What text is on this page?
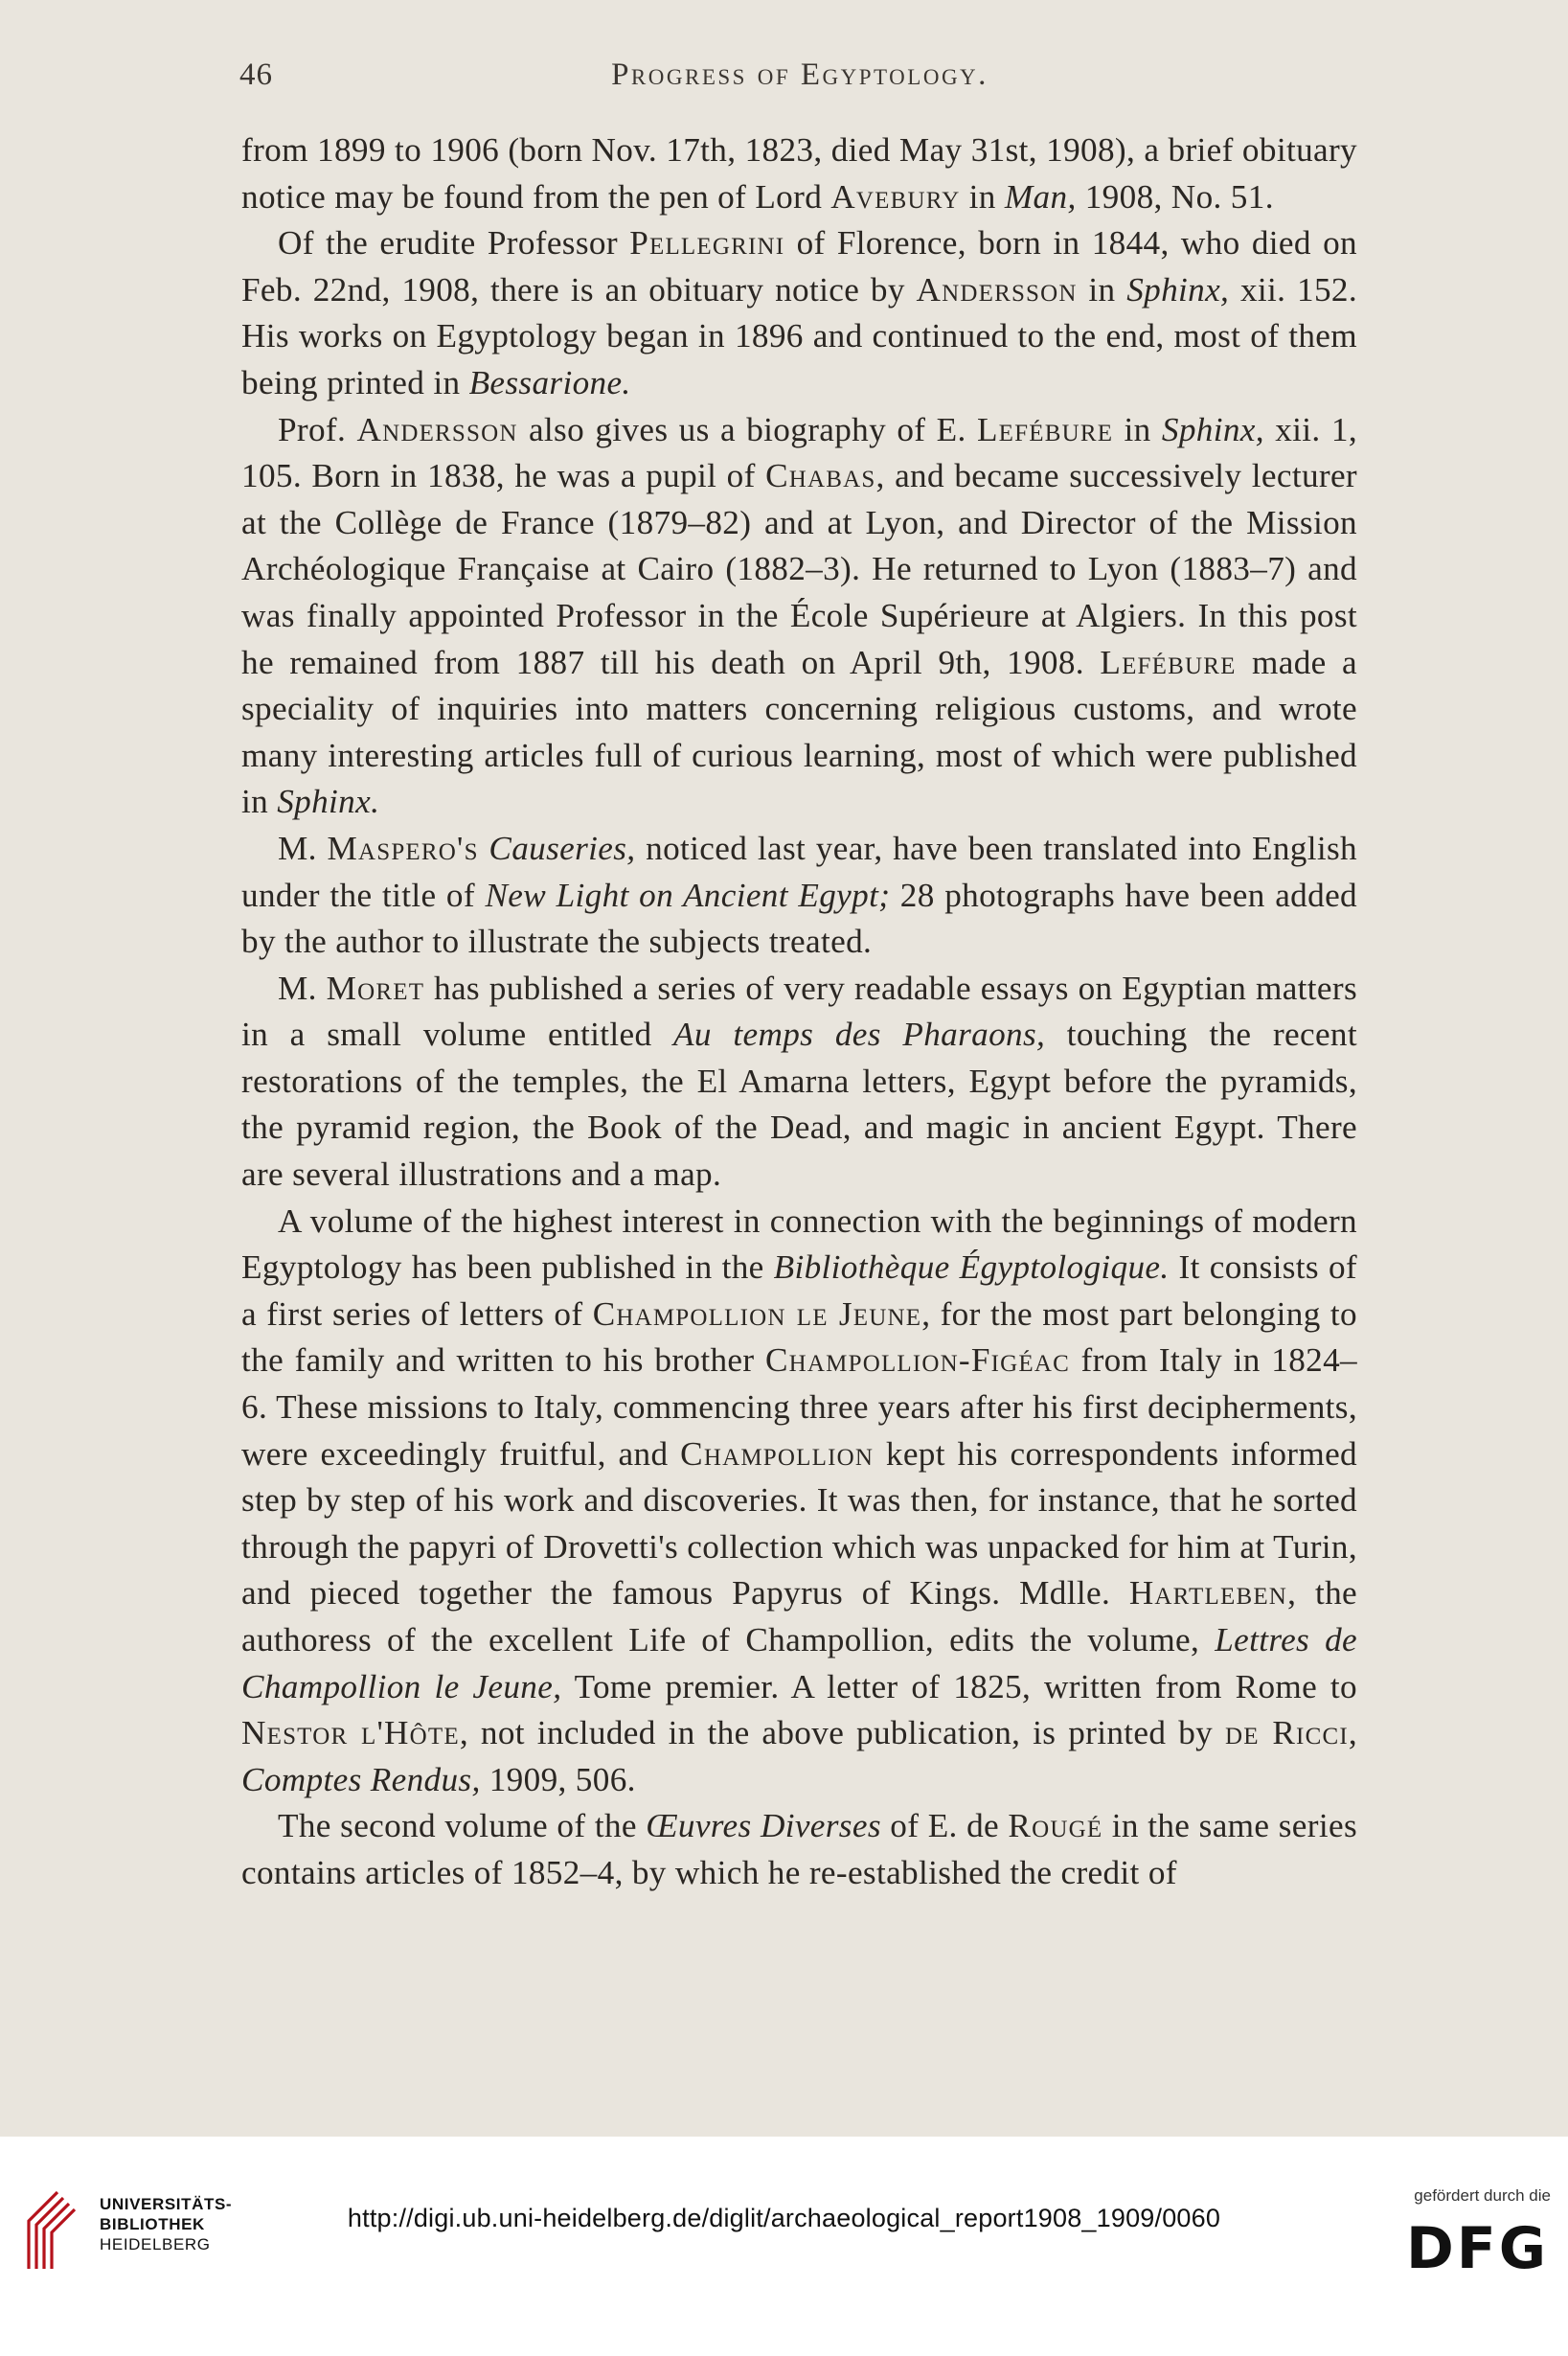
46	Progress of Egyptology.

from 1899 to 1906 (born Nov. 17th, 1823, died May 31st, 1908), a brief obituary notice may be found from the pen of Lord Avebury in Man, 1908, No. 51.

Of the erudite Professor Pellegrini of Florence, born in 1844, who died on Feb. 22nd, 1908, there is an obituary notice by Andersson in Sphinx, xii. 152. His works on Egyptology began in 1896 and continued to the end, most of them being printed in Bessarione.

Prof. Andersson also gives us a biography of E. Lefébure in Sphinx, xii. 1, 105. Born in 1838, he was a pupil of Chabas, and became successively lecturer at the Collège de France (1879–82) and at Lyon, and Director of the Mission Archéologique Française at Cairo (1882–3). He returned to Lyon (1883–7) and was finally appointed Professor in the École Supérieure at Algiers. In this post he remained from 1887 till his death on April 9th, 1908. Lefébure made a speciality of inquiries into matters concerning religious customs, and wrote many interesting articles full of curious learning, most of which were published in Sphinx.

M. Maspero's Causeries, noticed last year, have been translated into English under the title of New Light on Ancient Egypt; 28 photographs have been added by the author to illustrate the subjects treated.

M. Moret has published a series of very readable essays on Egyptian matters in a small volume entitled Au temps des Pharaons, touching the recent restorations of the temples, the El Amarna letters, Egypt before the pyramids, the pyramid region, the Book of the Dead, and magic in ancient Egypt. There are several illustrations and a map.

A volume of the highest interest in connection with the beginnings of modern Egyptology has been published in the Bibliothèque Égyptologique. It consists of a first series of letters of Champollion le Jeune, for the most part belonging to the family and written to his brother Champollion-Figéac from Italy in 1824–6. These missions to Italy, commencing three years after his first decipherments, were exceedingly fruitful, and Champollion kept his correspondents informed step by step of his work and discoveries. It was then, for instance, that he sorted through the papyri of Drovetti's collection which was unpacked for him at Turin, and pieced together the famous Papyrus of Kings. Mdlle. Hartleben, the authoress of the excellent Life of Champollion, edits the volume, Lettres de Champollion le Jeune, Tome premier. A letter of 1825, written from Rome to Nestor l'Hôte, not included in the above publication, is printed by de Ricci, Comptes Rendus, 1909, 506.

The second volume of the Œuvres Diverses of E. de Rougé in the same series contains articles of 1852–4, by which he re-established the credit of

UNIVERSITÄTS-
BIBLIOTHEK
HEIDELBERG
http://digi.ub.uni-heidelberg.de/diglit/archaeological_report1908_1909/0060
gefördert durch die
DFG
